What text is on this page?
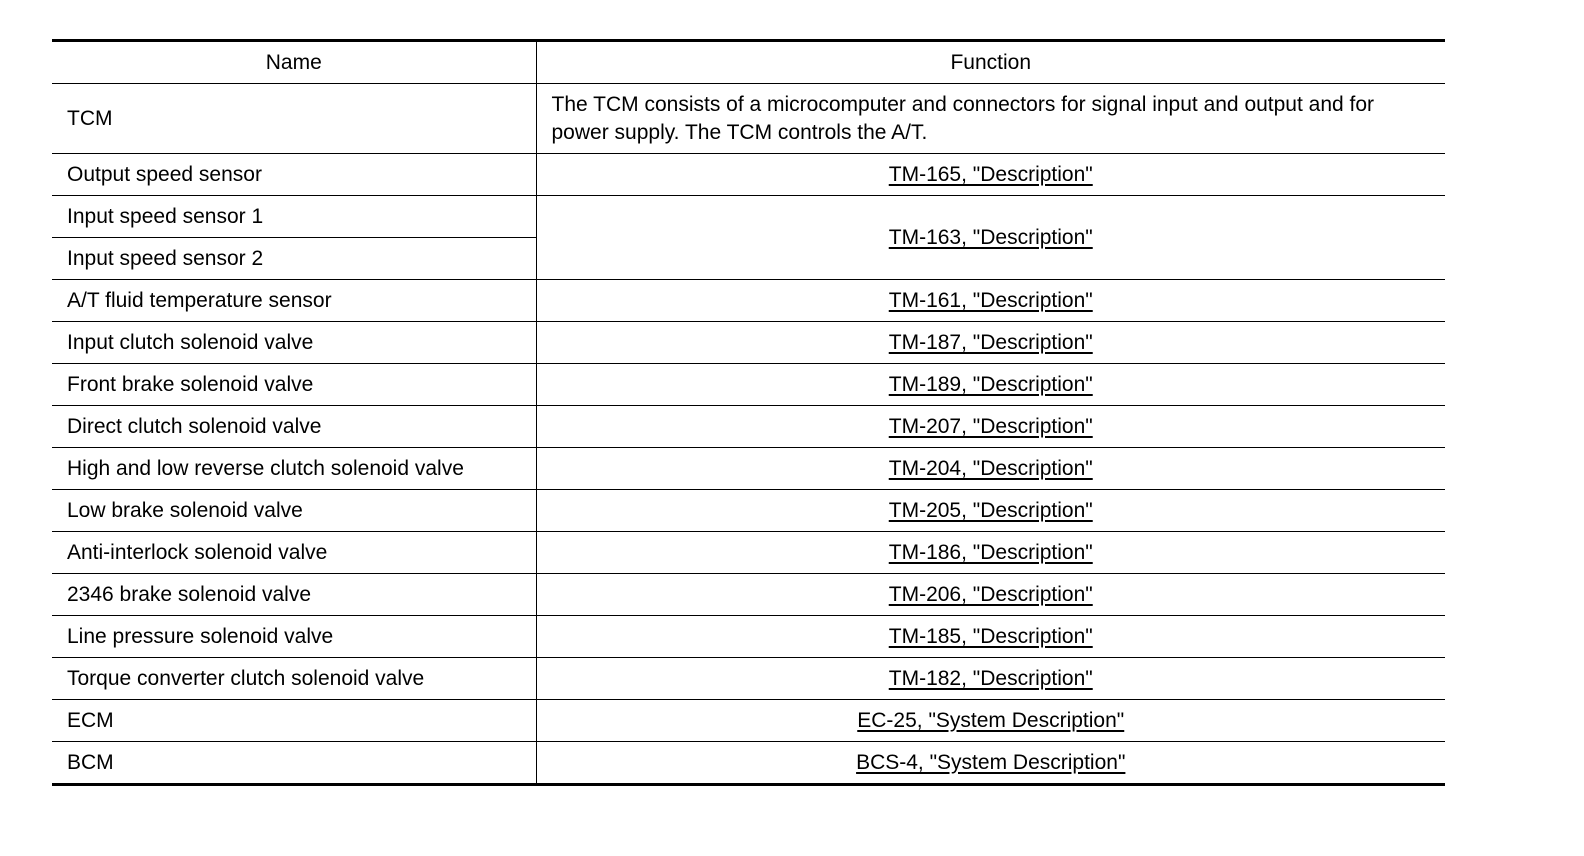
Name	Function
TCM	The TCM consists of a microcomputer and connectors for signal input and output and for power supply. The TCM controls the A/T.
Output speed sensor	TM-165, "Description"
Input speed sensor 1	TM-163, "Description"
Input speed sensor 2	
A/T fluid temperature sensor	TM-161, "Description"
Input clutch solenoid valve	TM-187, "Description"
Front brake solenoid valve	TM-189, "Description"
Direct clutch solenoid valve	TM-207, "Description"
High and low reverse clutch solenoid valve	TM-204, "Description"
Low brake solenoid valve	TM-205, "Description"
Anti-interlock solenoid valve	TM-186, "Description"
2346 brake solenoid valve	TM-206, "Description"
Line pressure solenoid valve	TM-185, "Description"
Torque converter clutch solenoid valve	TM-182, "Description"
ECM	EC-25, "System Description"
BCM	BCS-4, "System Description"
